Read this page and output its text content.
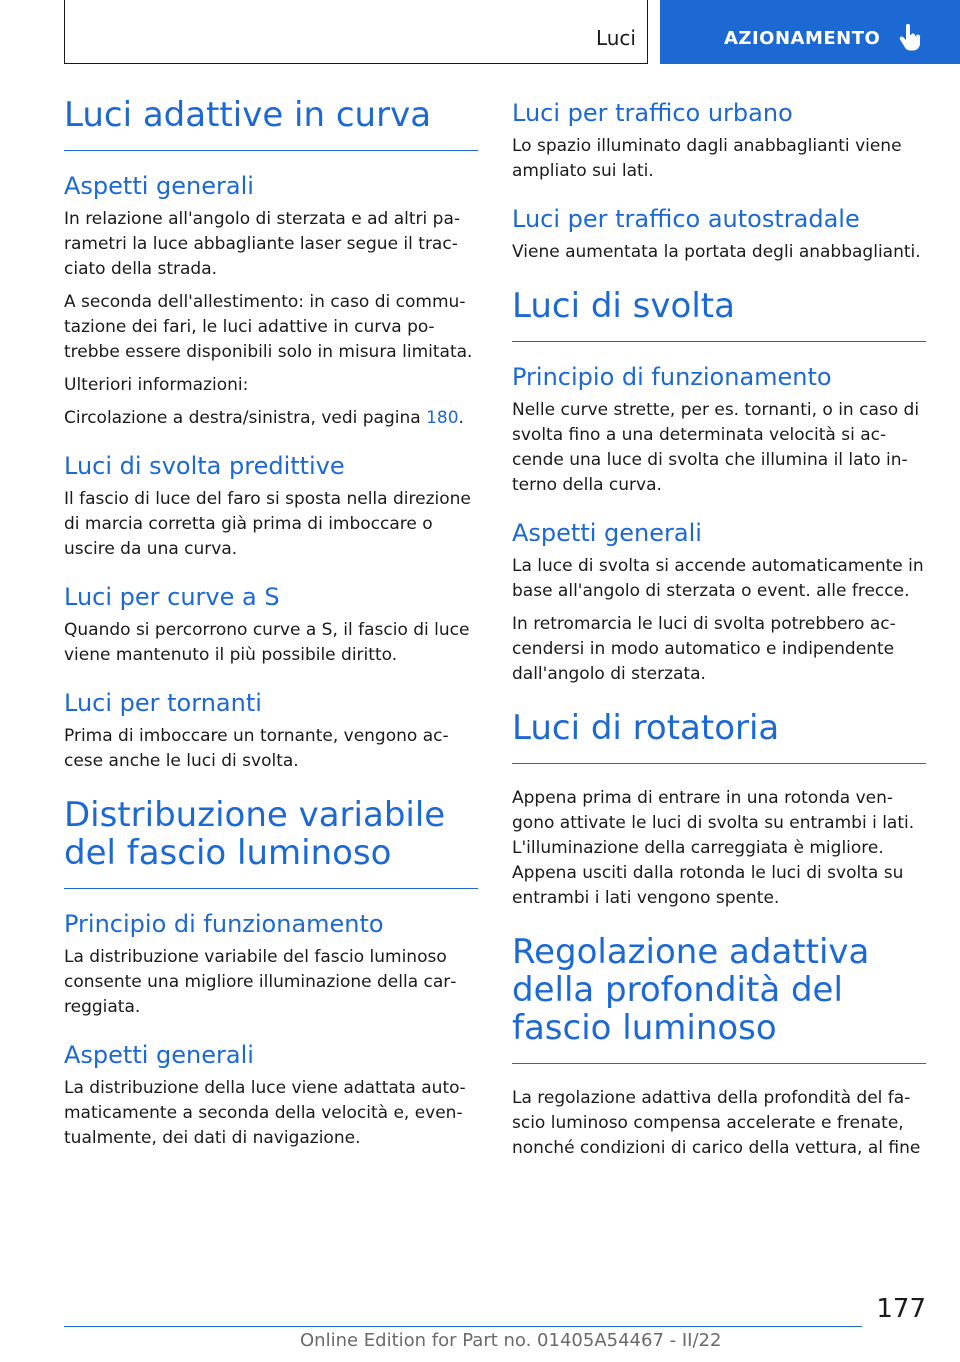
Luci	AZIONAMENTO
Luci adattive in curva
Aspetti generali

In relazione all'angolo di sterzata e ad altri parametri la luce abbagliante laser segue il tracciato della strada.

A seconda dell'allestimento: in caso di commutazione dei fari, le luci adattive in curva potrebbe essere disponibili solo in misura limitata.

Ulteriori informazioni:

Circolazione a destra/sinistra, vedi pagina 180.

Luci di svolta predittive

Il fascio di luce del faro si sposta nella direzione di marcia corretta già prima di imboccare o uscire da una curva.

Luci per curve a S

Quando si percorrono curve a S, il fascio di luce viene mantenuto il più possibile diritto.

Luci per tornanti

Prima di imboccare un tornante, vengono accese anche le luci di svolta.

Distribuzione variabile del fascio luminoso
Principio di funzionamento

La distribuzione variabile del fascio luminoso consente una migliore illuminazione della carreggiata.

Aspetti generali

La distribuzione della luce viene adattata automaticamente a seconda della velocità e, eventualmente, dei dati di navigazione.

Luci per traffico urbano

Lo spazio illuminato dagli anabbaglianti viene ampliato sui lati.

Luci per traffico autostradale

Viene aumentata la portata degli anabbaglianti.

Luci di svolta
Principio di funzionamento

Nelle curve strette, per es. tornanti, o in caso di svolta fino a una determinata velocità si accende una luce di svolta che illumina il lato interno della curva.

Aspetti generali

La luce di svolta si accende automaticamente in base all'angolo di sterzata o event. alle frecce.

In retromarcia le luci di svolta potrebbero accendersi in modo automatico e indipendente dall'angolo di sterzata.

Luci di rotatoria

Appena prima di entrare in una rotonda vengono attivate le luci di svolta su entrambi i lati. L'illuminazione della carreggiata è migliore. Appena usciti dalla rotonda le luci di svolta su entrambi i lati vengono spente.

Regolazione adattiva della profondità del fascio luminoso

La regolazione adattiva della profondità del fascio luminoso compensa accelerate e frenate, nonché condizioni di carico della vettura, al fine

177
Online Edition for Part no. 01405A54467 - II/22
